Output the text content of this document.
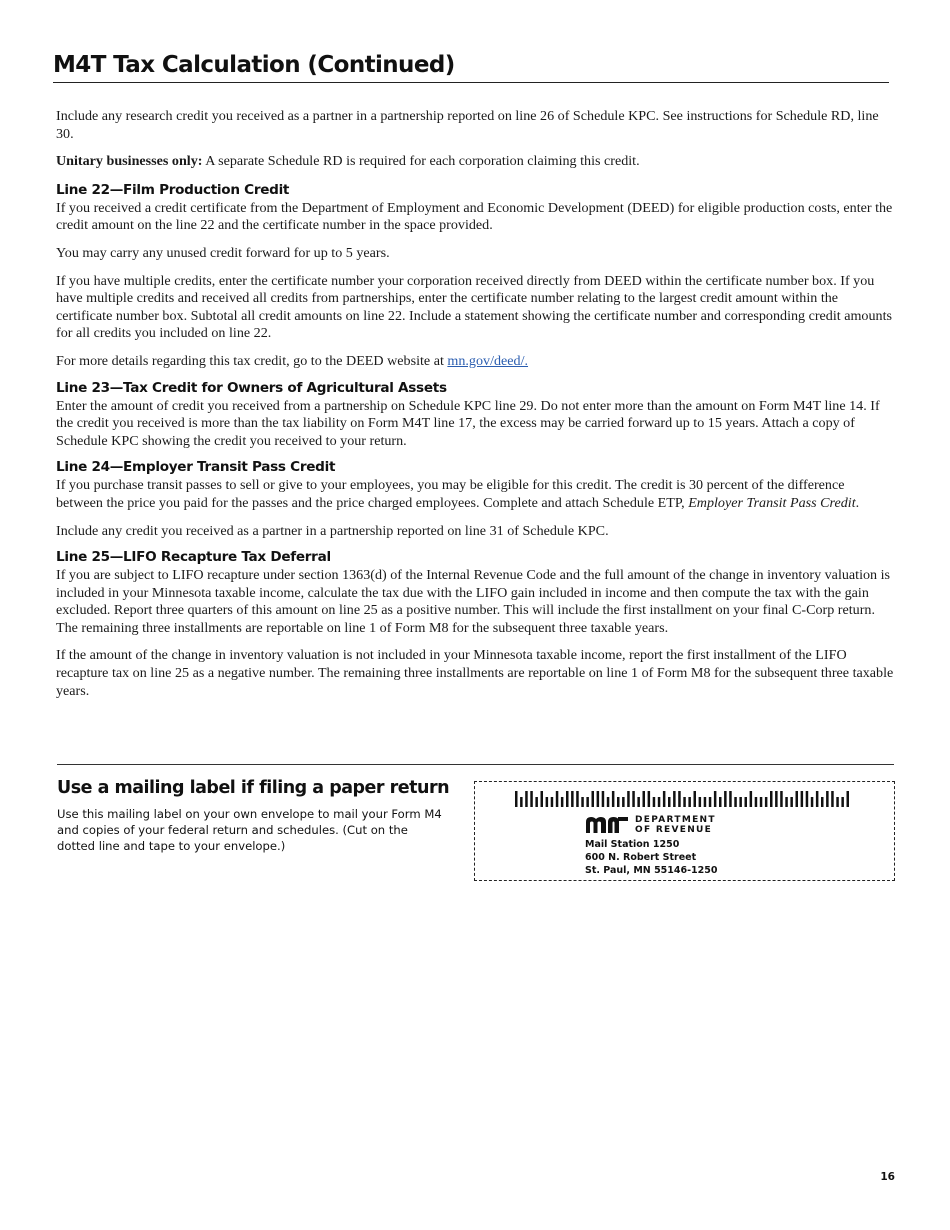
M4T Tax Calculation (Continued)

Include any research credit you received as a partner in a partnership reported on line 26 of Schedule KPC. See instructions for Schedule RD, line 30.

Unitary businesses only: A separate Schedule RD is required for each corporation claiming this credit.

Line 22—Film Production Credit

If you received a credit certificate from the Department of Employment and Economic Development (DEED) for eligible production costs, enter the credit amount on the line 22 and the certificate number in the space provided.

You may carry any unused credit forward for up to 5 years.

If you have multiple credits, enter the certificate number your corporation received directly from DEED within the certificate number box. If you have multiple credits and received all credits from partnerships, enter the certificate number relating to the largest credit amount within the certificate number box. Subtotal all credit amounts on line 22. Include a statement showing the certificate number and corresponding credit amounts for all credits you included on line 22.

For more details regarding this tax credit, go to the DEED website at mn.gov/deed/.

Line 23—Tax Credit for Owners of Agricultural Assets

Enter the amount of credit you received from a partnership on Schedule KPC line 29. Do not enter more than the amount on Form M4T line 14. If the credit you received is more than the tax liability on Form M4T line 17, the excess may be carried forward up to 15 years. Attach a copy of Schedule KPC showing the credit you received to your return.

Line 24—Employer Transit Pass Credit

If you purchase transit passes to sell or give to your employees, you may be eligible for this credit. The credit is 30 percent of the difference between the price you paid for the passes and the price charged employees. Complete and attach Schedule ETP, Employer Transit Pass Credit.

Include any credit you received as a partner in a partnership reported on line 31 of Schedule KPC.

Line 25—LIFO Recapture Tax Deferral

If you are subject to LIFO recapture under section 1363(d) of the Internal Revenue Code and the full amount of the change in inventory valuation is included in your Minnesota taxable income, calculate the tax due with the LIFO gain included in income and then compute the tax with the gain excluded. Report three quarters of this amount on line 25 as a positive number. This will include the first installment on your final C-Corp return. The remaining three installments are reportable on line 1 of Form M8 for the subsequent three taxable years.

If the amount of the change in inventory valuation is not included in your Minnesota taxable income, report the first installment of the LIFO recapture tax on line 25 as a negative number. The remaining three installments are reportable on line 1 of Form M8 for the subsequent three taxable years.

Use a mailing label if filing a paper return

Use this mailing label on your own envelope to mail your Form M4 and copies of your federal return and schedules. (Cut on the dotted line and tape to your envelope.)

DEPARTMENT
OF REVENUE
Mail Station 1250
600 N. Robert Street
St. Paul, MN 55146-1250
16
